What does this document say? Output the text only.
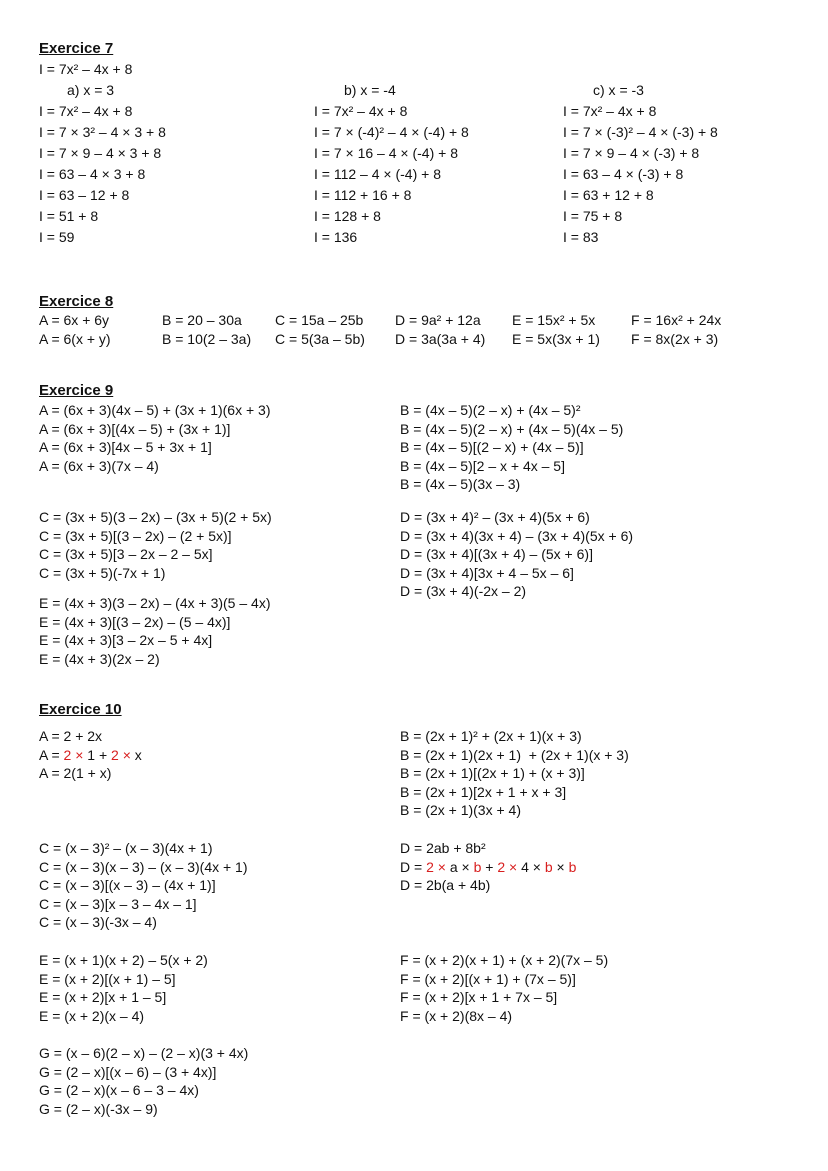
Exercice 7
I = 7x² – 4x + 8
a) x = 3
I = 7x² – 4x + 8
I = 7 × 3² – 4 × 3 + 8
I = 7 × 9 – 4 × 3 + 8
I = 63 – 4 × 3 + 8
I = 63 – 12 + 8
I = 51 + 8
I = 59
b) x = -4
I = 7x² – 4x + 8
I = 7 × (-4)² – 4 × (-4) + 8
I = 7 × 16 – 4 × (-4) + 8
I = 112 – 4 × (-4) + 8
I = 112 + 16 + 8
I = 128 + 8
I = 136
c) x = -3
I = 7x² – 4x + 8
I = 7 × (-3)² – 4 × (-3) + 8
I = 7 × 9 – 4 × (-3) + 8
I = 63 – 4 × (-3) + 8
I = 63 + 12 + 8
I = 75 + 8
I = 83
Exercice 8
A = 6x + 6y
A = 6(x + y)
B = 20 – 30a
B = 10(2 – 3a)
C = 15a – 25b
C = 5(3a – 5b)
D = 9a² + 12a
D = 3a(3a + 4)
E = 15x² + 5x
E = 5x(3x + 1)
F = 16x² + 24x
F = 8x(2x + 3)
Exercice 9
A = (6x + 3)(4x – 5) + (3x + 1)(6x + 3)
A = (6x + 3)[(4x – 5) + (3x + 1)]
A = (6x + 3)[4x – 5 + 3x + 1]
A = (6x + 3)(7x – 4)
B = (4x – 5)(2 – x) + (4x – 5)²
B = (4x – 5)(2 – x) + (4x – 5)(4x – 5)
B = (4x – 5)[(2 – x) + (4x – 5)]
B = (4x – 5)[2 – x + 4x – 5]
B = (4x – 5)(3x – 3)
C = (3x + 5)(3 – 2x) – (3x + 5)(2 + 5x)
C = (3x + 5)[(3 – 2x) – (2 + 5x)]
C = (3x + 5)[3 – 2x – 2 – 5x]
C = (3x + 5)(-7x + 1)
D = (3x + 4)² – (3x + 4)(5x + 6)
D = (3x + 4)(3x + 4) – (3x + 4)(5x + 6)
D = (3x + 4)[(3x + 4) – (5x + 6)]
D = (3x + 4)[3x + 4 – 5x – 6]
D = (3x + 4)(-2x – 2)
E = (4x + 3)(3 – 2x) – (4x + 3)(5 – 4x)
E = (4x + 3)[(3 – 2x) – (5 – 4x)]
E = (4x + 3)[3 – 2x – 5 + 4x]
E = (4x + 3)(2x – 2)
Exercice 10
A = 2 + 2x
A = 2 × 1 + 2 × x
A = 2(1 + x)
B = (2x + 1)² + (2x + 1)(x + 3)
B = (2x + 1)(2x + 1)  + (2x + 1)(x + 3)
B = (2x + 1)[(2x + 1) + (x + 3)]
B = (2x + 1)[2x + 1 + x + 3]
B = (2x + 1)(3x + 4)
C = (x – 3)² – (x – 3)(4x + 1)
C = (x – 3)(x – 3) – (x – 3)(4x + 1)
C = (x – 3)[(x – 3) – (4x + 1)]
C = (x – 3)[x – 3 – 4x – 1]
C = (x – 3)(-3x – 4)
D = 2ab + 8b²
D = 2 × a × b + 2 × 4 × b × b
D = 2b(a + 4b)
E = (x + 1)(x + 2) – 5(x + 2)
E = (x + 2)[(x + 1) – 5]
E = (x + 2)[x + 1 – 5]
E = (x + 2)(x – 4)
F = (x + 2)(x + 1) + (x + 2)(7x – 5)
F = (x + 2)[(x + 1) + (7x – 5)]
F = (x + 2)[x + 1 + 7x – 5]
F = (x + 2)(8x – 4)
G = (x – 6)(2 – x) – (2 – x)(3 + 4x)
G = (2 – x)[(x – 6) – (3 + 4x)]
G = (2 – x)(x – 6 – 3 – 4x)
G = (2 – x)(-3x – 9)
